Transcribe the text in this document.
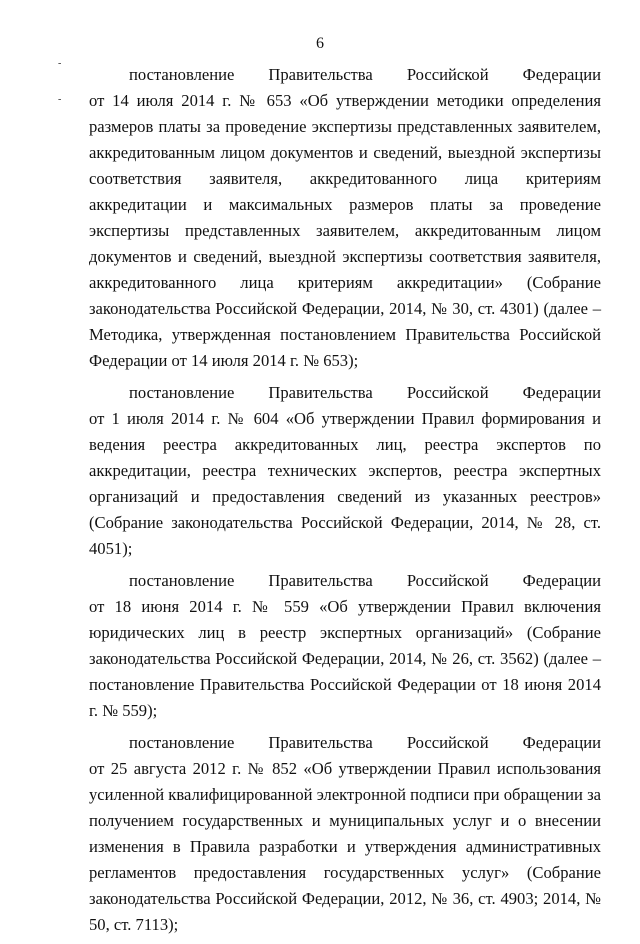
6
-
-
постановление Правительства Российской Федерации
от 14 июля 2014 г. № 653 «Об утверждении методики определения размеров платы за проведение экспертизы представленных заявителем, аккредитованным лицом документов и сведений, выездной экспертизы соответствия заявителя, аккредитованного лица критериям аккредитации и максимальных размеров платы за проведение экспертизы представленных заявителем, аккредитованным лицом документов и сведений, выездной экспертизы соответствия заявителя, аккредитованного лица критериям аккредитации» (Собрание законодательства Российской Федерации, 2014, № 30, ст. 4301) (далее – Методика, утвержденная постановлением Правительства Российской Федерации от 14 июля 2014 г. № 653);
постановление Правительства Российской Федерации
от 1 июля 2014 г. № 604 «Об утверждении Правил формирования и ведения реестра аккредитованных лиц, реестра экспертов по аккредитации, реестра технических экспертов, реестра экспертных организаций и предоставления сведений из указанных реестров» (Собрание законодательства Российской Федерации, 2014, № 28, ст. 4051);
постановление Правительства Российской Федерации
от 18 июня 2014 г. № 559 «Об утверждении Правил включения юридических лиц в реестр экспертных организаций» (Собрание законодательства Российской Федерации, 2014, № 26, ст. 3562) (далее – постановление Правительства Российской Федерации от 18 июня 2014 г. № 559);
постановление Правительства Российской Федерации
от 25 августа 2012 г. № 852 «Об утверждении Правил использования усиленной квалифицированной электронной подписи при обращении за получением государственных и муниципальных услуг и о внесении изменения в Правила разработки и утверждения административных регламентов предоставления государственных услуг» (Собрание законодательства Российской Федерации, 2012, № 36, ст. 4903; 2014, № 50, ст. 7113);
